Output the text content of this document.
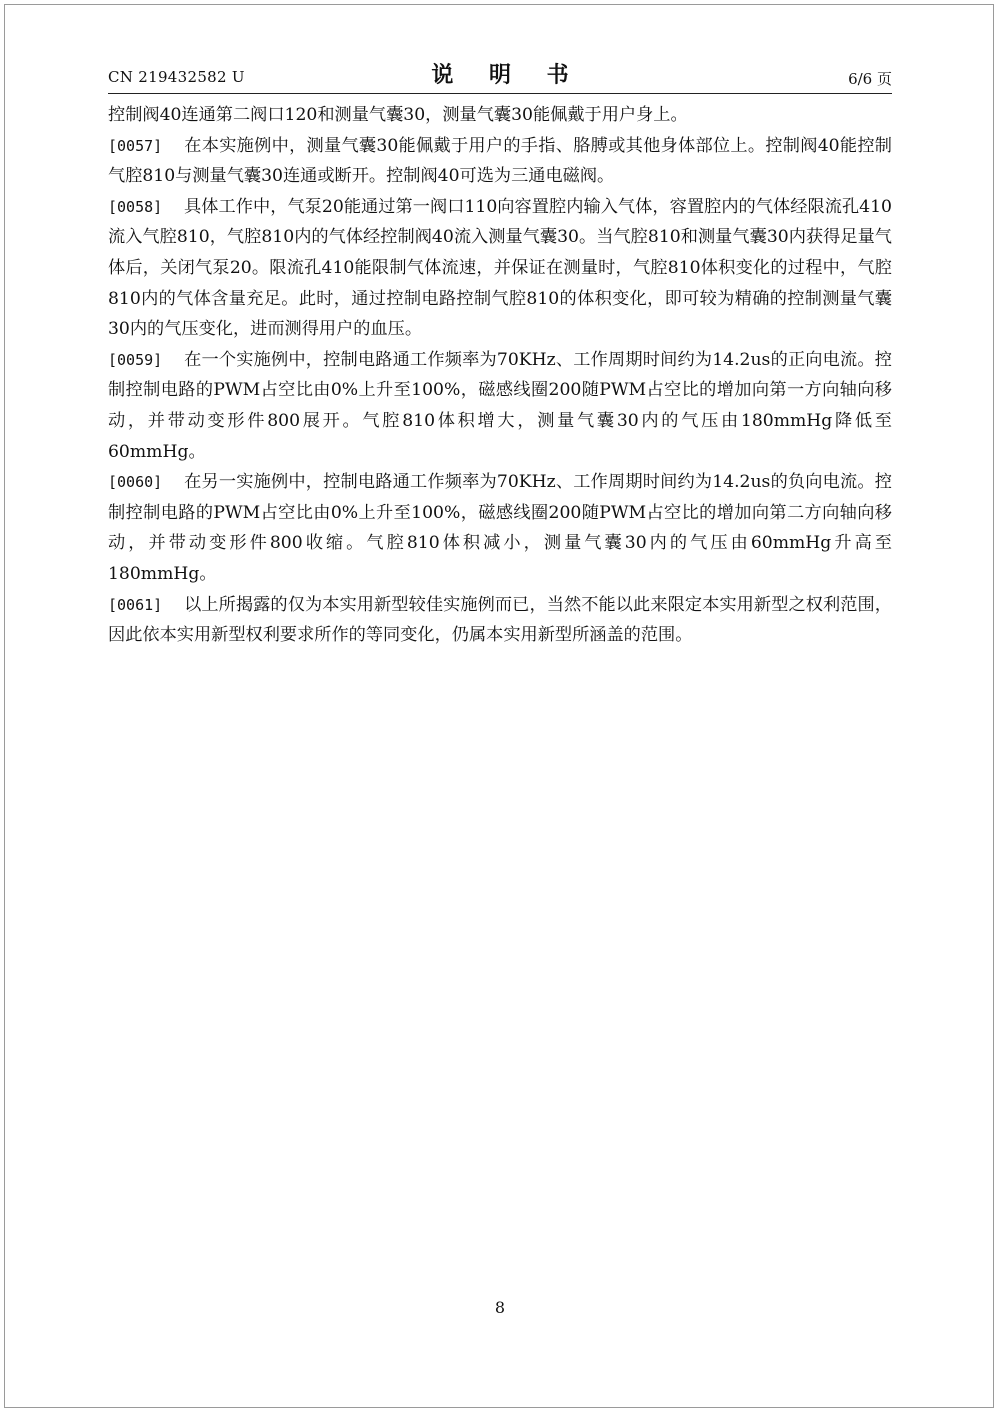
CN 219432582 U	说 明 书	6/6 页

控制阀40连通第二阀口120和测量气囊30，测量气囊30能佩戴于用户身上。

[0057] 在本实施例中，测量气囊30能佩戴于用户的手指、胳膊或其他身体部位上。控制阀40能控制气腔810与测量气囊30连通或断开。控制阀40可选为三通电磁阀。

[0058] 具体工作中，气泵20能通过第一阀口110向容置腔内输入气体，容置腔内的气体经限流孔410流入气腔810，气腔810内的气体经控制阀40流入测量气囊30。当气腔810和测量气囊30内获得足量气体后，关闭气泵20。限流孔410能限制气体流速，并保证在测量时，气腔810体积变化的过程中，气腔810内的气体含量充足。此时，通过控制电路控制气腔810的体积变化，即可较为精确的控制测量气囊30内的气压变化，进而测得用户的血压。

[0059] 在一个实施例中，控制电路通工作频率为70KHz、工作周期时间约为14.2us的正向电流。控制控制电路的PWM占空比由0%上升至100%，磁感线圈200随PWM占空比的增加向第一方向轴向移动，并带动变形件800展开。气腔810体积增大，测量气囊30内的气压由180mmHg降低至60mmHg。

[0060] 在另一实施例中，控制电路通工作频率为70KHz、工作周期时间约为14.2us的负向电流。控制控制电路的PWM占空比由0%上升至100%，磁感线圈200随PWM占空比的增加向第二方向轴向移动，并带动变形件800收缩。气腔810体积减小，测量气囊30内的气压由60mmHg升高至180mmHg。

[0061] 以上所揭露的仅为本实用新型较佳实施例而已，当然不能以此来限定本实用新型之权利范围，因此依本实用新型权利要求所作的等同变化，仍属本实用新型所涵盖的范围。

8
